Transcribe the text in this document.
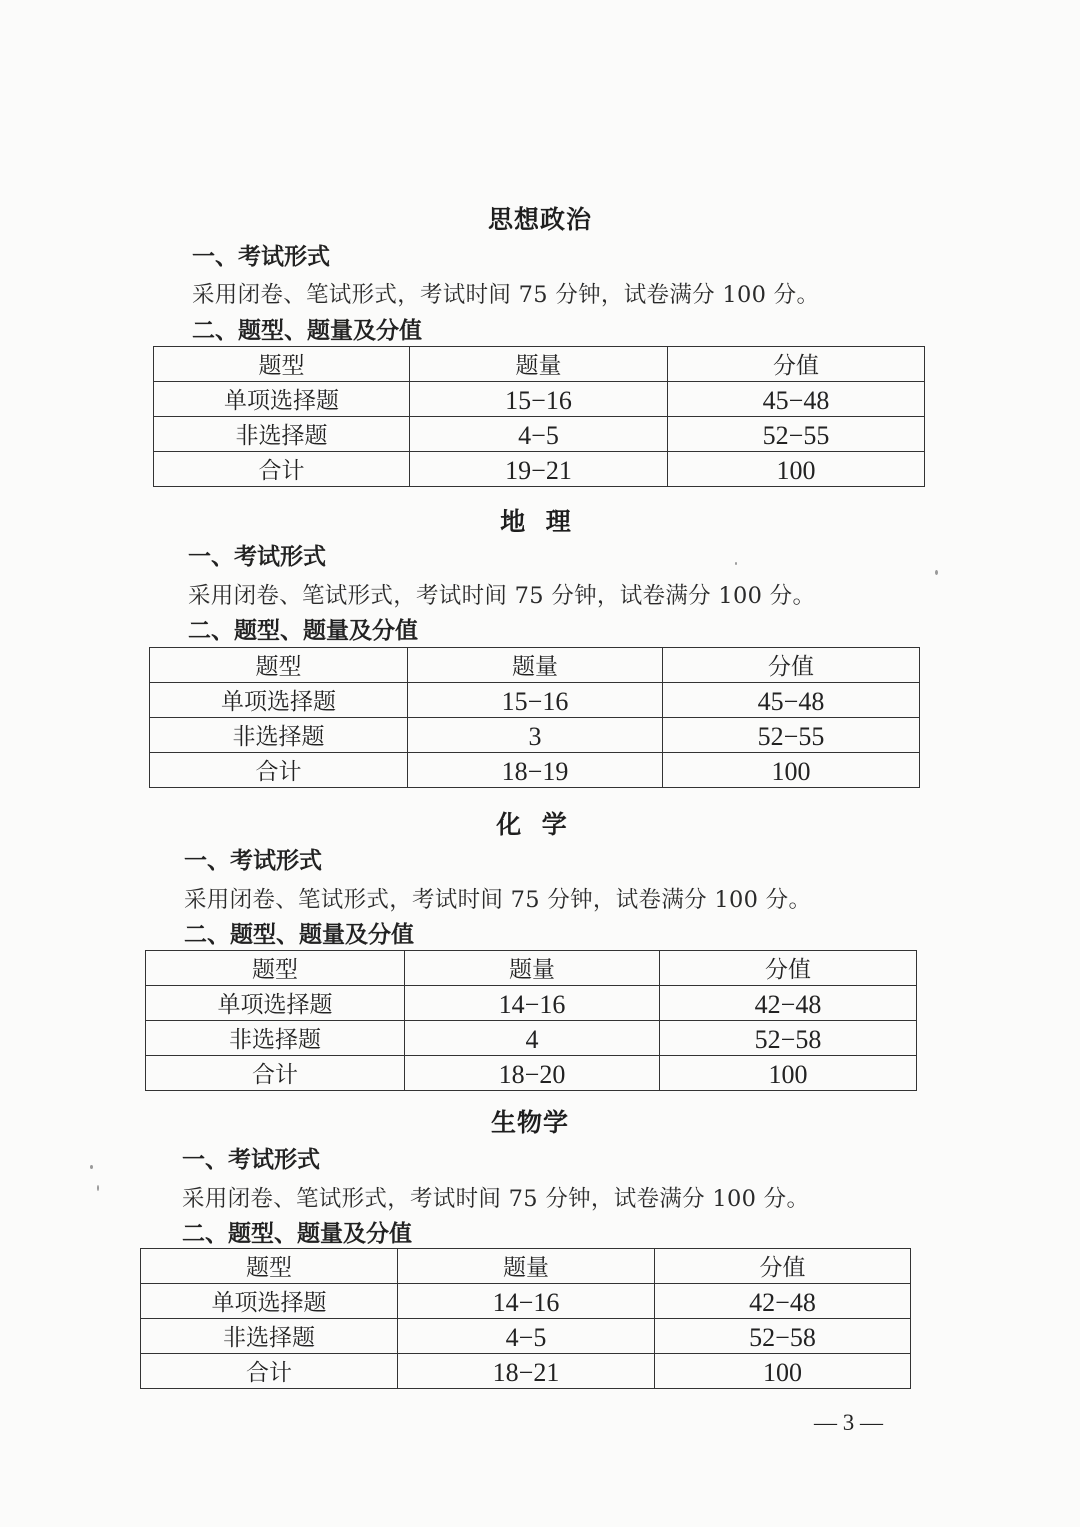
思想政治
一、考试形式
采用闭卷、笔试形式，考试时间 75 分钟，试卷满分 100 分。
二、题型、题量及分值
题型	题量	分值
单项选择题	15−16	45−48
非选择题	4−5	52−55
合计	19−21	100
地  理
一、考试形式
采用闭卷、笔试形式，考试时间 75 分钟，试卷满分 100 分。
二、题型、题量及分值
题型	题量	分值
单项选择题	15−16	45−48
非选择题	3	52−55
合计	18−19	100
化  学
一、考试形式
采用闭卷、笔试形式，考试时间 75 分钟，试卷满分 100 分。
二、题型、题量及分值
题型	题量	分值
单项选择题	14−16	42−48
非选择题	4	52−58
合计	18−20	100
生物学
一、考试形式
采用闭卷、笔试形式，考试时间 75 分钟，试卷满分 100 分。
二、题型、题量及分值
题型	题量	分值
单项选择题	14−16	42−48
非选择题	4−5	52−58
合计	18−21	100
— 3 —
